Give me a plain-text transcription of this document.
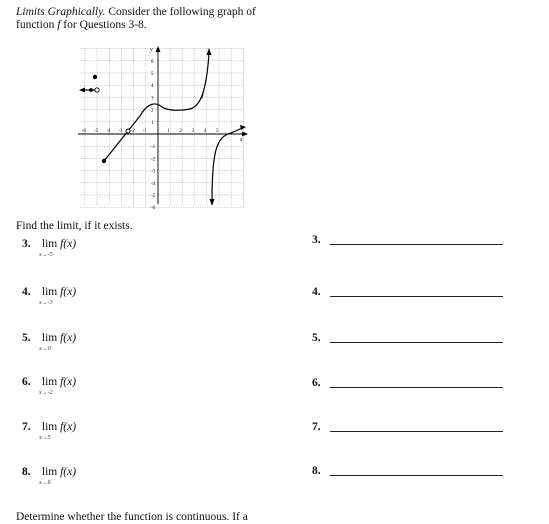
Limits Graphically. Consider the following graph of
function f for Questions 3-8.
x
y
-6 -5 -4 -3 -2 -1	1 2 3 4 5
6
5
4
3
2
1
-1
-2
-3
-4
-5
-6
f
Find the limit, if it exists.
3. lim f(x)
x→-5
4. lim f(x)
x→-3
5. lim f(x)
x→0
6. lim f(x)
x→-2
7. lim f(x)
x→5
8. lim f(x)
x→6
3.
4.
5.
6.
7.
8.
Determine whether the function is continuous. If a
